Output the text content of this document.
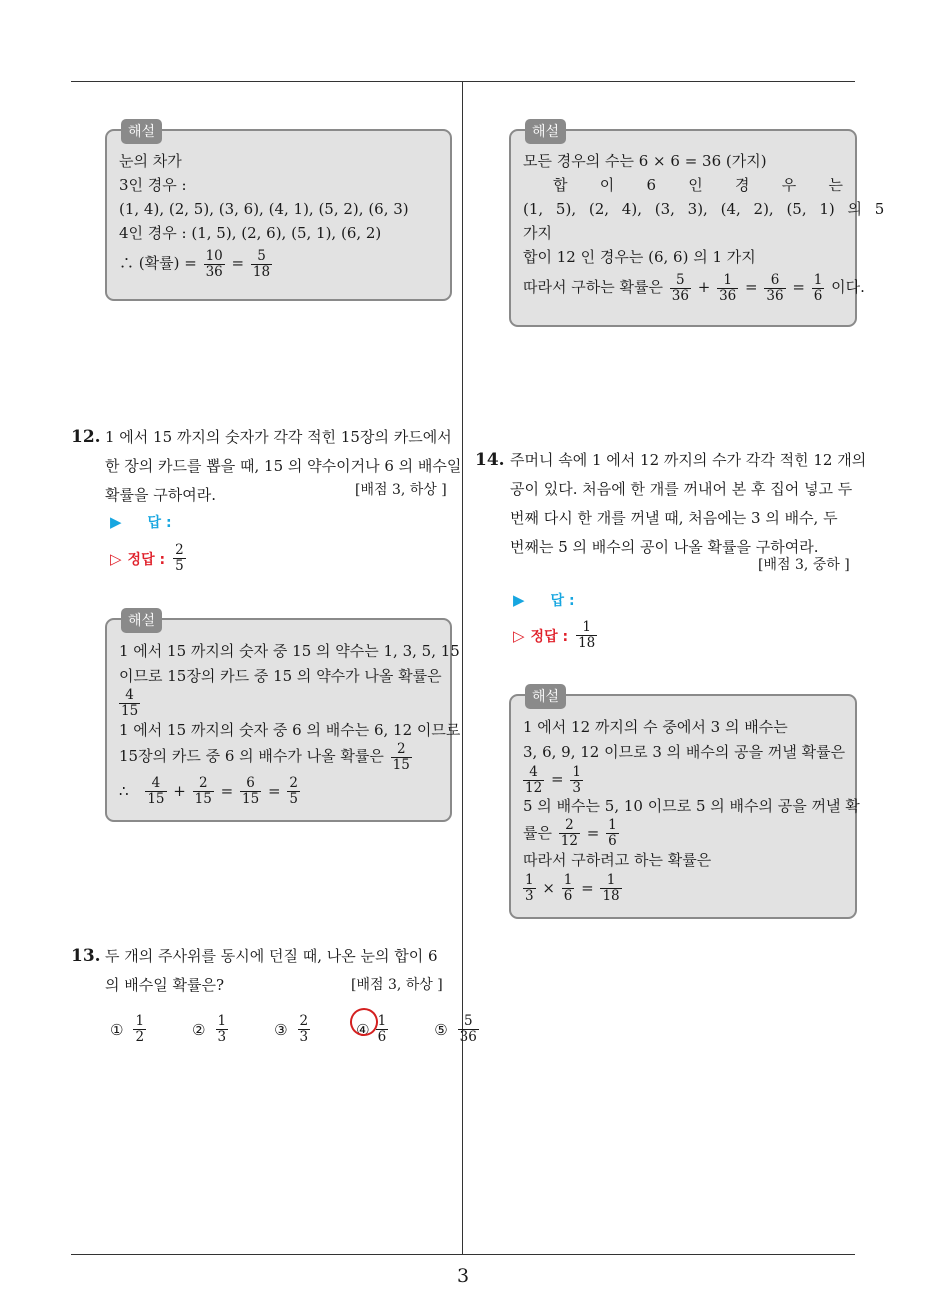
해설
눈의 차가
3인 경우 :
(1, 4), (2, 5), (3, 6), (4, 1), (5, 2), (6, 3)
4인 경우 : (1, 5), (2, 6), (5, 1), (6, 2)
∴ (확률) = $\frac{10}{36} = \frac{5}{18}$
해설
모든 경우의 수는 6 × 6 = 36 (가지)
합 이 6 인 경 우 는
(1, 5), (2, 4), (3, 3), (4, 2), (5, 1) 의 5
가지
합이 12 인 경우는 (6, 6) 의 1 가지
따라서 구하는 확률은 $\frac{5}{36} + \frac{1}{36} = \frac{6}{36} = \frac{1}{6}$ 이다.
12. 1 에서 15 까지의 숫자가 각각 적힌 15장의 카드에서
한 장의 카드를 뽑을 때, 15 의 약수이거나 6 의 배수일
확률을 구하여라.	[배점 3, 하상 ]
▶ 답 :
▷ 정답 : $\frac{2}{5}$
해설
1 에서 15 까지의 숫자 중 15 의 약수는 1, 3, 5, 15
이므로 15장의 카드 중 15 의 약수가 나올 확률은
$\frac{4}{15}$
1 에서 15 까지의 숫자 중 6 의 배수는 6, 12 이므로
15장의 카드 중 6 의 배수가 나올 확률은 $\frac{2}{15}$
∴ $\frac{4}{15} + \frac{2}{15} = \frac{6}{15} = \frac{2}{5}$
13. 두 개의 주사위를 동시에 던질 때, 나온 눈의 합이 6
의 배수일 확률은?	[배점 3, 하상 ]
① $\frac{1}{2}$	② $\frac{1}{3}$	③ $\frac{2}{3}$	④ $\frac{1}{6}$	⑤ $\frac{5}{36}$
14. 주머니 속에 1 에서 12 까지의 수가 각각 적힌 12 개의
공이 있다. 처음에 한 개를 꺼내어 본 후 집어 넣고 두
번째 다시 한 개를 꺼낼 때, 처음에는 3 의 배수, 두
번째는 5 의 배수의 공이 나올 확률을 구하여라.
[배점 3, 중하 ]
▶ 답 :
▷ 정답 : $\frac{1}{18}$
해설
1 에서 12 까지의 수 중에서 3 의 배수는
3, 6, 9, 12 이므로 3 의 배수의 공을 꺼낼 확률은
$\frac{4}{12} = \frac{1}{3}$
5 의 배수는 5, 10 이므로 5 의 배수의 공을 꺼낼 확
률은 $\frac{2}{12} = \frac{1}{6}$
따라서 구하려고 하는 확률은
$\frac{1}{3} \times \frac{1}{6} = \frac{1}{18}$
3
